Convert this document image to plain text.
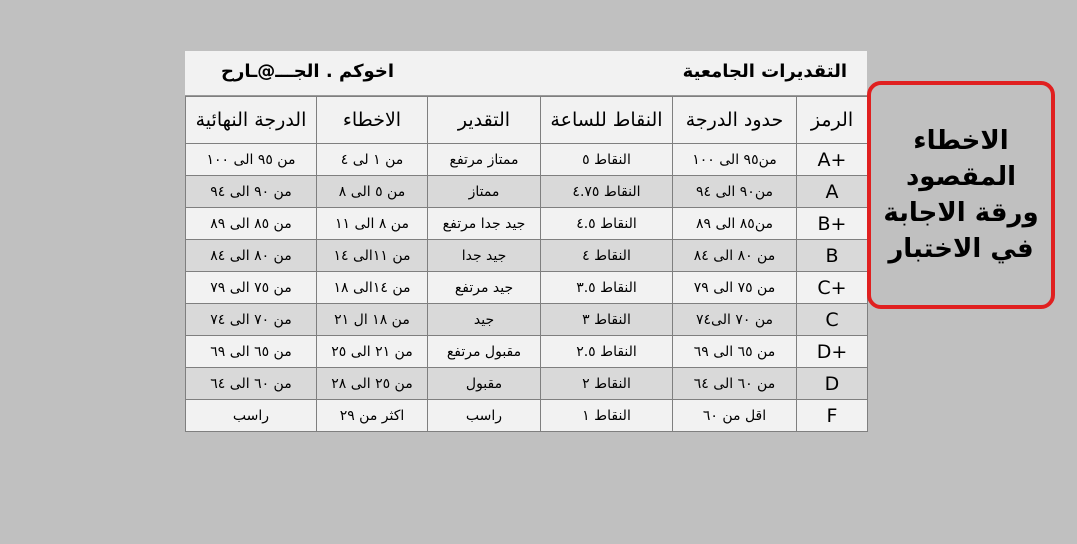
التقديرات الجامعية
اخوكم . الجـــ@ـارح
الرمز	حدود الدرجة	النقاط للساعة	التقدير	الاخطاء	الدرجة النهائية
A+	من٩٥ الى ١٠٠	النقاط ٥	ممتاز مرتفع	من ١ لى ٤	من ٩٥ الى ١٠٠
A	من٩٠ الى ٩٤	النقاط ٤.٧٥	ممتاز	من ٥ الى ٨	من ٩٠ الى ٩٤
B+	من٨٥ الى ٨٩	النقاط ٤.٥	جيد جدا مرتفع	من ٨ الى ١١	من ٨٥ الى ٨٩
B	من ٨٠ الى ٨٤	النقاط ٤	جيد جدا	من ١١الى ١٤	من ٨٠ الى ٨٤
C+	من ٧٥ الى ٧٩	النقاط ٣.٥	جيد مرتفع	من ١٤الى ١٨	من ٧٥ الى ٧٩
C	من ٧٠ الى٧٤	النقاط ٣	جيد	من ١٨ ال ٢١	من ٧٠ الى ٧٤
D+	من ٦٥ الى ٦٩	النقاط ٢.٥	مقبول مرتفع	من ٢١ الى ٢٥	من ٦٥ الى ٦٩
D	من ٦٠ الى ٦٤	النقاط ٢	مقبول	من ٢٥ الى ٢٨	من ٦٠ الى ٦٤
F	اقل من ٦٠	النقاط ١	راسب	اكثر من ٢٩	راسب
الاخطاء
المقصود
ورقة الاجابة
في الاختبار
